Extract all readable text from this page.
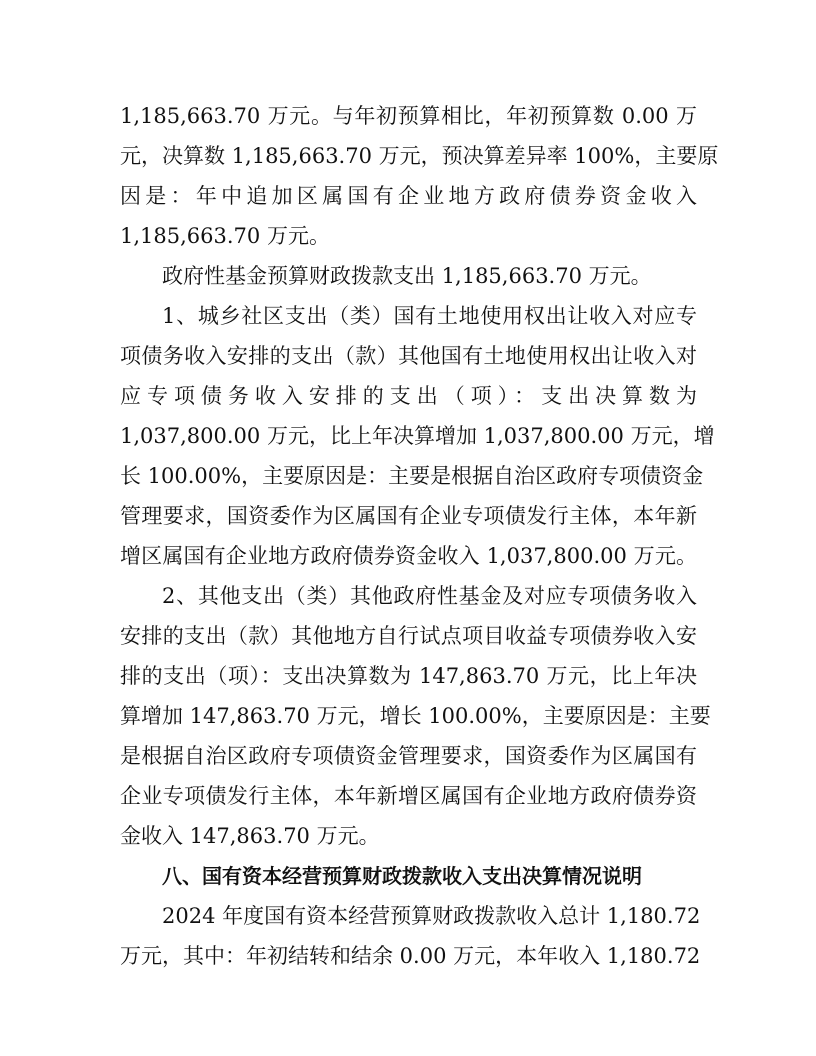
1,185,663.70 万元。与年初预算相比，年初预算数 0.00 万
元，决算数 1,185,663.70 万元，预决算差异率 100%，主要原
因是：年中追加区属国有企业地方政府债券资金收入
1,185,663.70 万元。
政府性基金预算财政拨款支出 1,185,663.70 万元。
1、城乡社区支出（类）国有土地使用权出让收入对应专
项债务收入安排的支出（款）其他国有土地使用权出让收入对
应专项债务收入安排的支出（项）：支出决算数为
1,037,800.00 万元，比上年决算增加 1,037,800.00 万元，增
长 100.00%，主要原因是：主要是根据自治区政府专项债资金
管理要求，国资委作为区属国有企业专项债发行主体，本年新
增区属国有企业地方政府债券资金收入 1,037,800.00 万元。
2、其他支出（类）其他政府性基金及对应专项债务收入
安排的支出（款）其他地方自行试点项目收益专项债券收入安
排的支出（项）：支出决算数为 147,863.70 万元，比上年决
算增加 147,863.70 万元，增长 100.00%，主要原因是：主要
是根据自治区政府专项债资金管理要求，国资委作为区属国有
企业专项债发行主体，本年新增区属国有企业地方政府债券资
金收入 147,863.70 万元。
八、国有资本经营预算财政拨款收入支出决算情况说明
2024 年度国有资本经营预算财政拨款收入总计 1,180.72
万元，其中：年初结转和结余 0.00 万元，本年收入 1,180.72
